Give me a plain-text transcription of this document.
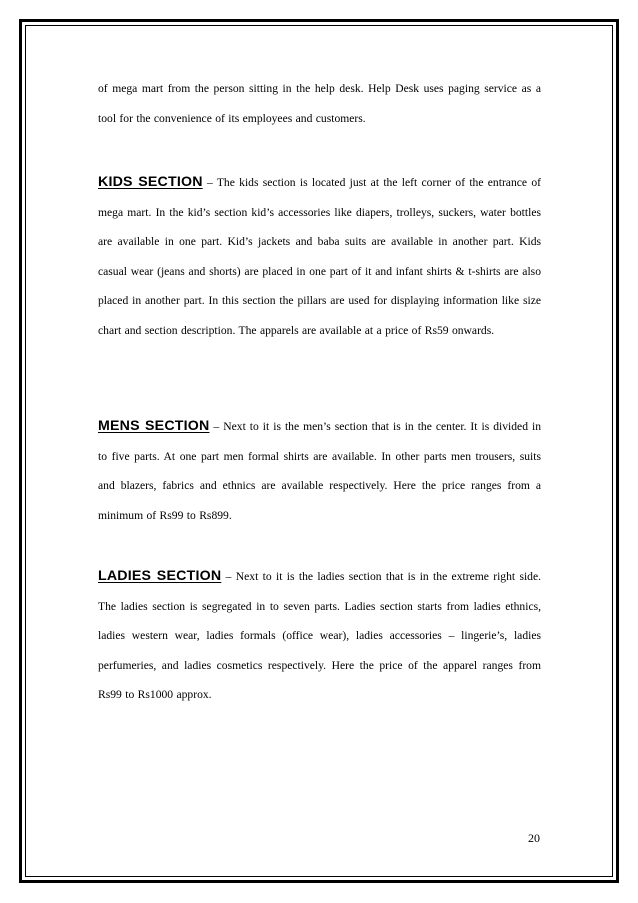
of mega mart from the person sitting in the help desk. Help Desk uses paging service as a tool for the convenience of its employees and customers.

KIDS SECTION – The kids section is located just at the left corner of the entrance of mega mart. In the kid’s section kid’s accessories like diapers, trolleys, suckers, water bottles are available in one part. Kid’s jackets and baba suits are available in another part. Kids casual wear (jeans and shorts) are placed in one part of it and infant shirts & t-shirts are also placed in another part. In this section the pillars are used for displaying information like size chart and section description. The apparels are available at a price of Rs59 onwards.

MENS SECTION – Next to it is the men’s section that is in the center. It is divided in to five parts. At one part men formal shirts are available. In other parts men trousers, suits and blazers, fabrics and ethnics are available respectively. Here the price ranges from a minimum of Rs99 to Rs899.

LADIES SECTION – Next to it is the ladies section that is in the extreme right side. The ladies section is segregated in to seven parts. Ladies section starts from ladies ethnics, ladies western wear, ladies formals (office wear), ladies accessories – lingerie’s, ladies perfumeries, and ladies cosmetics respectively. Here the price of the apparel ranges from Rs99 to Rs1000 approx.

20
